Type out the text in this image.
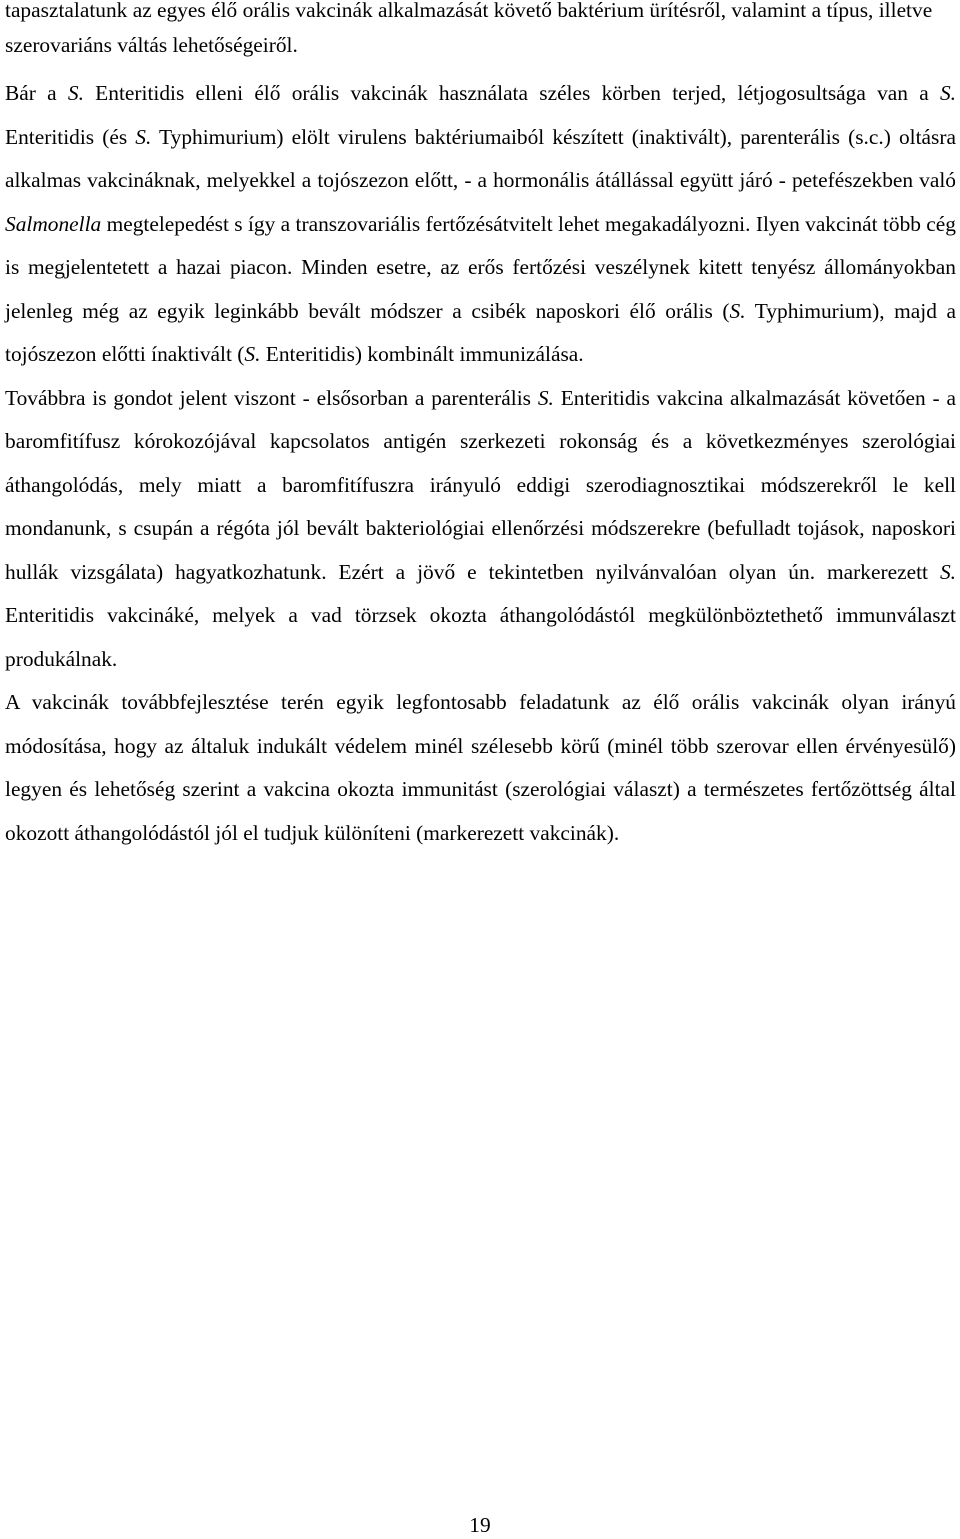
tapasztalatunk az egyes élő orális vakcinák alkalmazását követő baktérium ürítésről, valamint a típus, illetve szerovariáns váltás lehetőségeiről.

Bár a S. Enteritidis elleni élő orális vakcinák használata széles körben terjed, létjogosultsága van a S. Enteritidis (és S. Typhimurium) elölt virulens baktériumaiból készített (inaktivált), parenterális (s.c.) oltásra alkalmas vakcináknak, melyekkel a tojószezon előtt, - a hormonális átállással együtt járó - petefészekben való Salmonella megtelepedést s így a transzovariális fertőzésátvitelt lehet megakadályozni. Ilyen vakcinát több cég is megjelentetett a hazai piacon. Minden esetre, az erős fertőzési veszélynek kitett tenyész állományokban jelenleg még az egyik leginkább bevált módszer a csibék naposkori élő orális (S. Typhimurium), majd a tojószezon előtti ínaktivált (S. Enteritidis) kombinált immunizálása.

Továbbra is gondot jelent viszont - elsősorban a parenterális S. Enteritidis vakcina alkalmazását követően - a baromfitífusz kórokozójával kapcsolatos antigén szerkezeti rokonság és a következményes szerológiai áthangolódás, mely miatt a baromfitífuszra irányuló eddigi szerodiagnosztikai módszerekről le kell mondanunk, s csupán a régóta jól bevált bakteriológiai ellenőrzési módszerekre (befulladt tojások, naposkori hullák vizsgálata) hagyatkozhatunk. Ezért a jövő e tekintetben nyilvánvalóan olyan ún. markerezett S. Enteritidis vakcináké, melyek a vad törzsek okozta áthangolódástól megkülönböztethető immunválaszt produkálnak.

A vakcinák továbbfejlesztése terén egyik legfontosabb feladatunk az élő orális vakcinák olyan irányú módosítása, hogy az általuk indukált védelem minél szélesebb körű (minél több szerovar ellen érvényesülő) legyen és lehetőség szerint a vakcina okozta immunitást (szerológiai választ) a természetes fertőzöttség által okozott áthangolódástól jól el tudjuk különíteni (markerezett vakcinák).

19
